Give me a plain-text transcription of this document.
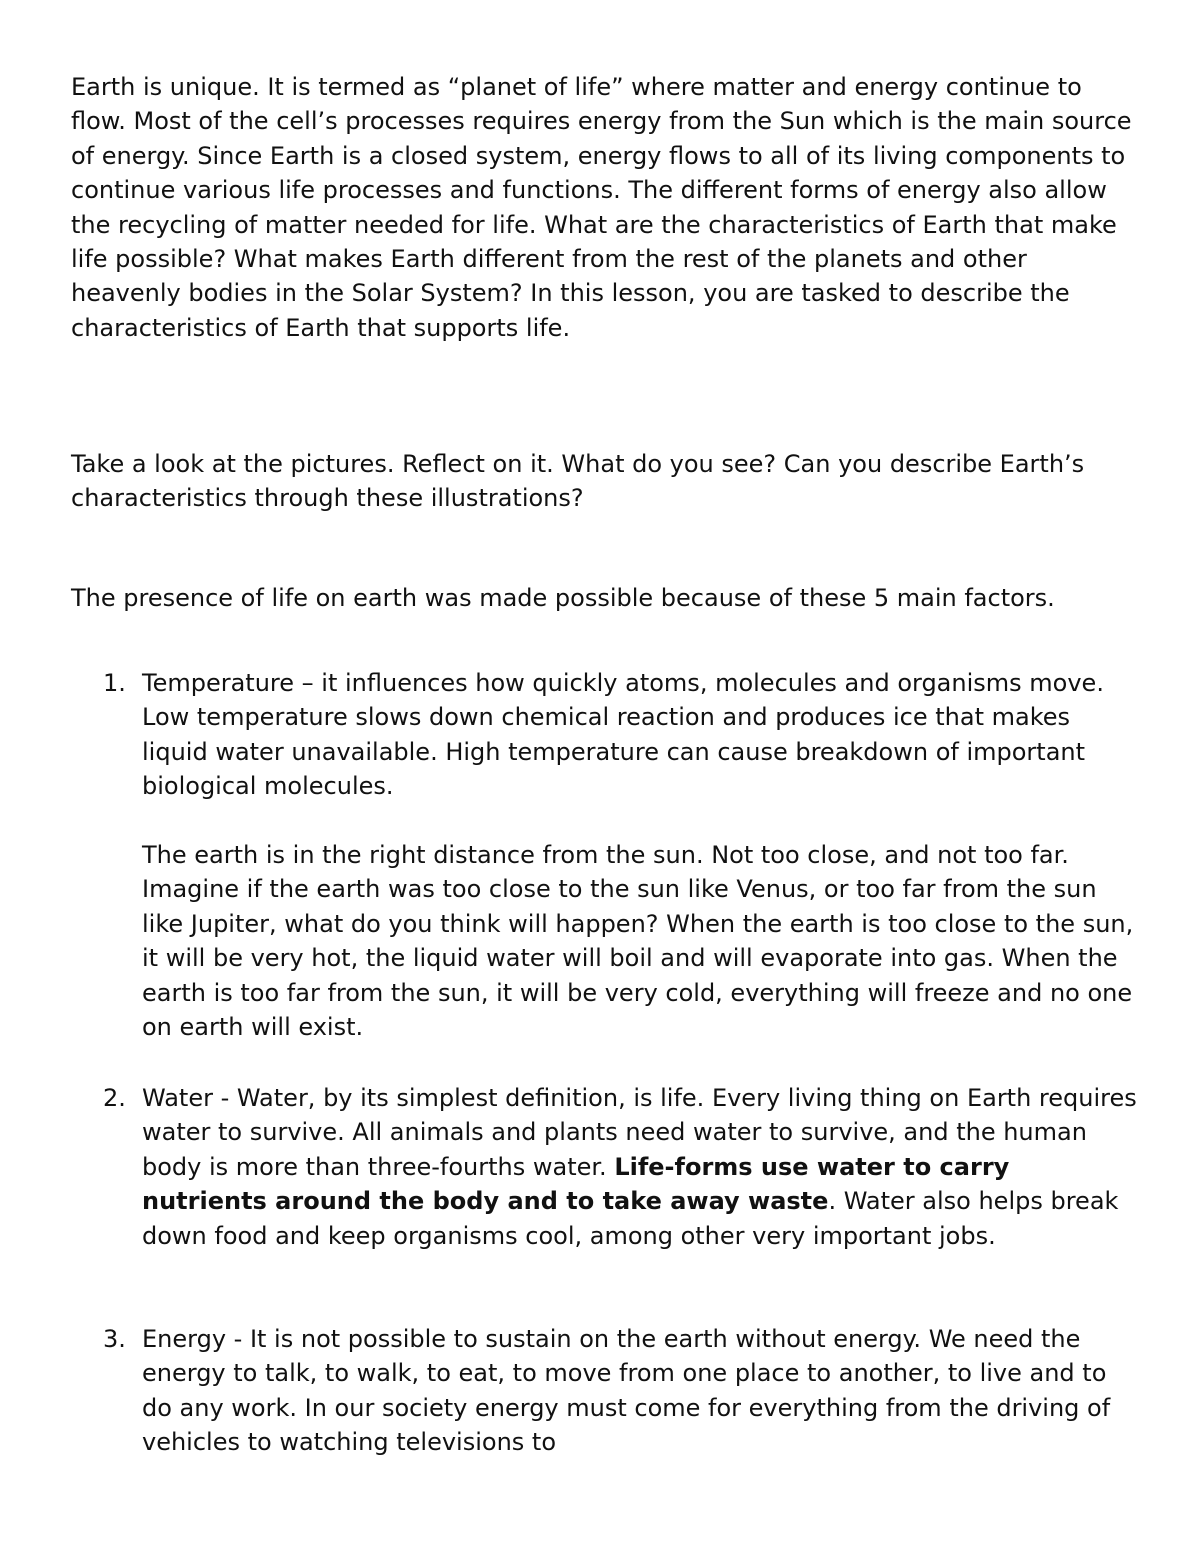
Earth is unique. It is termed as “planet of life” where matter and energy continue to flow. Most of the cell’s processes requires energy from the Sun which is the main source of energy. Since Earth is a closed system, energy flows to all of its living components to continue various life processes and functions. The different forms of energy also allow the recycling of matter needed for life. What are the characteristics of Earth that make life possible? What makes Earth different from the rest of the planets and other heavenly bodies in the Solar System? In this lesson, you are tasked to describe the characteristics of Earth that supports life.

Take a look at the pictures. Reflect on it. What do you see? Can you describe Earth’s characteristics through these illustrations?

The presence of life on earth was made possible because of these 5 main factors.

1. Temperature – it influences how quickly atoms, molecules and organisms move. Low temperature slows down chemical reaction and produces ice that makes liquid water unavailable. High temperature can cause breakdown of important biological molecules.
The earth is in the right distance from the sun. Not too close, and not too far. Imagine if the earth was too close to the sun like Venus, or too far from the sun like Jupiter, what do you think will happen? When the earth is too close to the sun, it will be very hot, the liquid water will boil and will evaporate into gas. When the earth is too far from the sun, it will be very cold, everything will freeze and no one on earth will exist.
2. Water - Water, by its simplest definition, is life. Every living thing on Earth requires water to survive. All animals and plants need water to survive, and the human body is more than three-fourths water. Life-forms use water to carry nutrients around the body and to take away waste. Water also helps break down food and keep organisms cool, among other very important jobs.
3. Energy - It is not possible to sustain on the earth without energy. We need the energy to talk, to walk, to eat, to move from one place to another, to live and to do any work. In our society energy must come for everything from the driving of vehicles to watching televisions to
